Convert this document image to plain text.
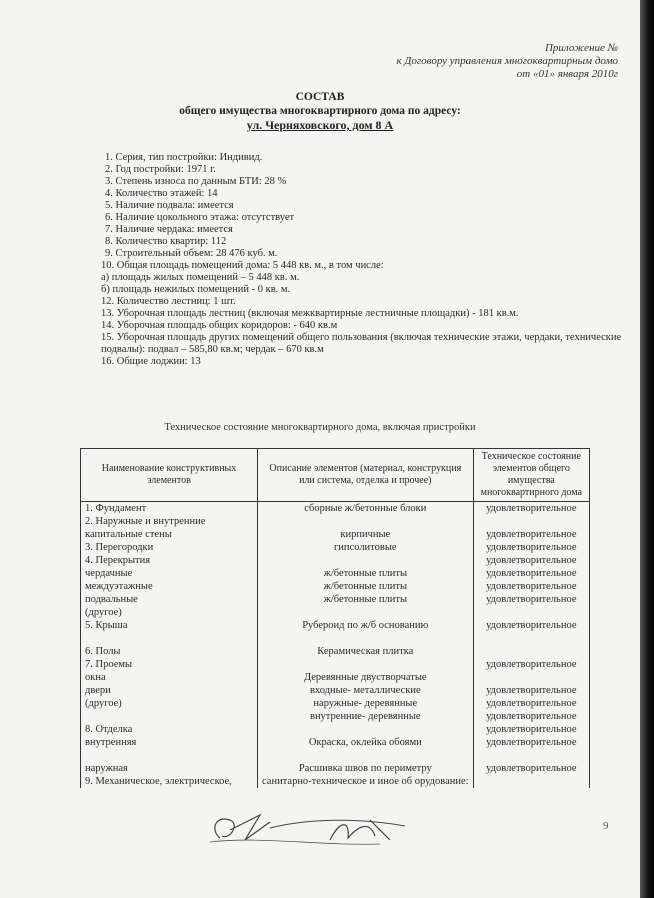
Приложение №
к Договору управления многоквартирным домо
от «01» января 2010г
СОСТАВ
общего имущества многоквартирного дома по адресу:
ул. Черняховского, дом 8 А
1. Серия, тип постройки: Индивид.
2. Год постройки: 1971 г.
3. Степень износа по данным БТИ: 28 %
4. Количество этажей: 14
5. Наличие подвала: имеется
6. Наличие цокольного этажа: отсутствует
7. Наличие чердака: имеется
8. Количество квартир: 112
9. Строительный объем: 28 476 куб. м.
10. Общая площадь помещений дома: 5 448 кв. м., в том числе:
а) площадь жилых помещений – 5 448 кв. м.
б) площадь нежилых помещений - 0 кв. м.
12. Количество лестниц: 1 шт.
13. Уборочная площадь лестниц (включая межквартирные лестничные площадки) - 181 кв.м.
14. Уборочная площадь общих коридоров: - 640 кв.м
15. Уборочная площадь других помещений общего пользования (включая технические этажи, чердаки, технические подвалы): подвал – 585,80 кв.м; чердак – 670 кв.м
16. Общие лоджии: 13
Техническое состояние многоквартирного дома, включая пристройки
Наименование конструктивных элементов	Описание элементов (материал, конструкция или система, отделка и прочее)	Техническое состояние элементов общего имущества многоквартирного дома
1. Фундамент	сборные ж/бетонные блоки	удовлетворительное
2. Наружные и внутренние		
капитальные стены	кирпичные	удовлетворительное
3. Перегородки	гипсолитовые	удовлетворительное
4. Перекрытия		удовлетворительное
чердачные	ж/бетонные плиты	удовлетворительное
междуэтажные	ж/бетонные плиты	удовлетворительное
подвальные	ж/бетонные плиты	удовлетворительное
(другое)		
5. Крыша	Рубероид по ж/б основанию	удовлетворительное

6. Полы	Керамическая плитка	
7. Проемы		удовлетворительное
окна	Деревянные двустворчатые	
двери	входные- металлические	удовлетворительное
(другое)	наружные- деревянные	удовлетворительное
	внутренние- деревянные	удовлетворительное
8. Отделка		удовлетворительное
внутренняя	Окраска, оклейка обоями	удовлетворительное

наружная	Расшивка швов по периметру	удовлетворительное
9. Механическое, электрическое,	санитарно-техническое и иное об орудование:	
9
